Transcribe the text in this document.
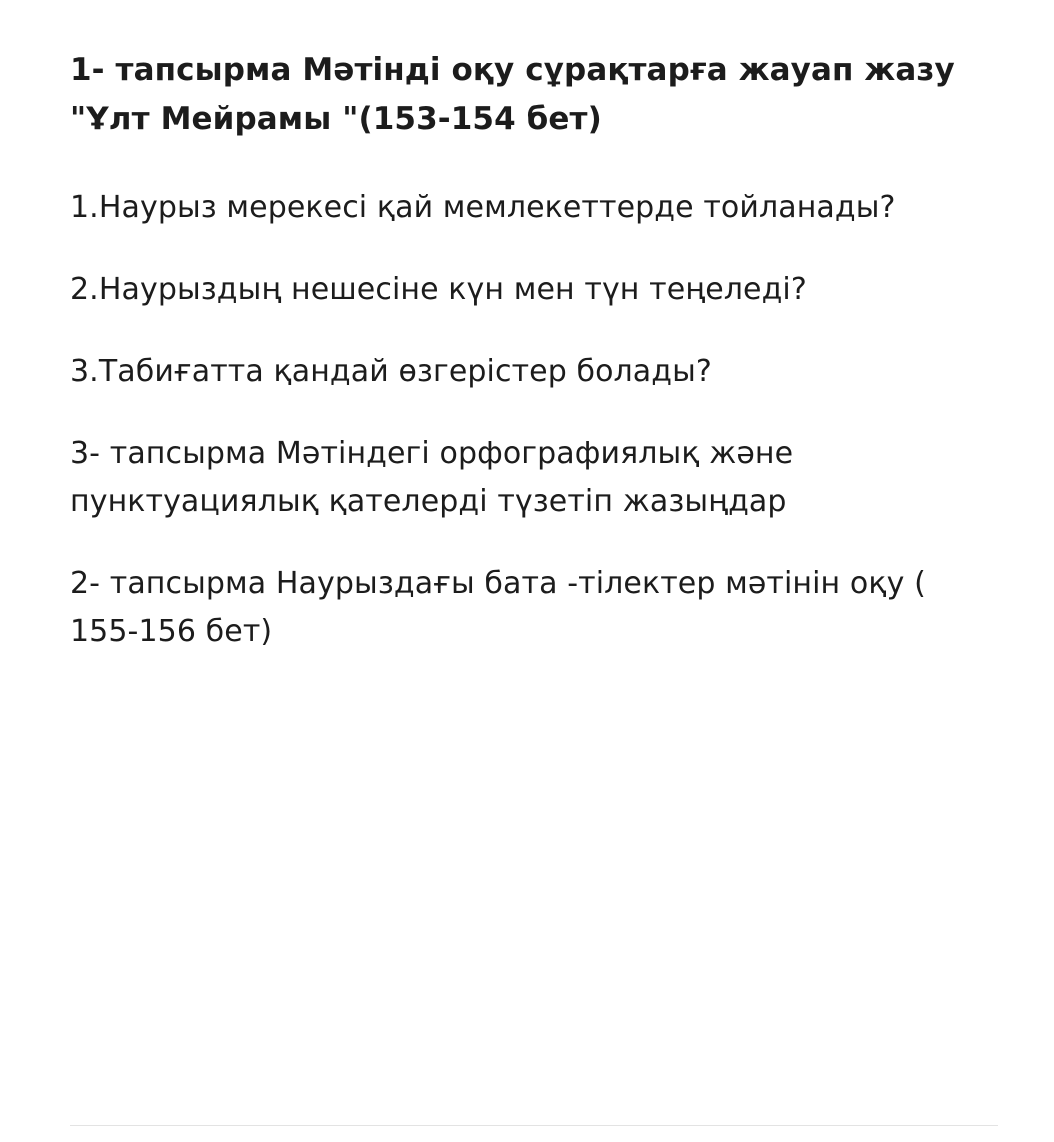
1- тапсырма Мәтінді оқу сұрақтарға жауап жазу "Ұлт Мейрамы "(153-154 бет)

1.Наурыз мерекесі қай мемлекеттерде тойланады?

2.Наурыздың нешесіне күн мен түн теңеледі?

3.Табиғатта қандай өзгерістер болады?

3- тапсырма Мәтіндегі орфографиялық және пунктуациялық қателерді түзетіп жазыңдар

2- тапсырма Наурыздағы бата -тілектер мәтінін оқу ( 155-156 бет)
